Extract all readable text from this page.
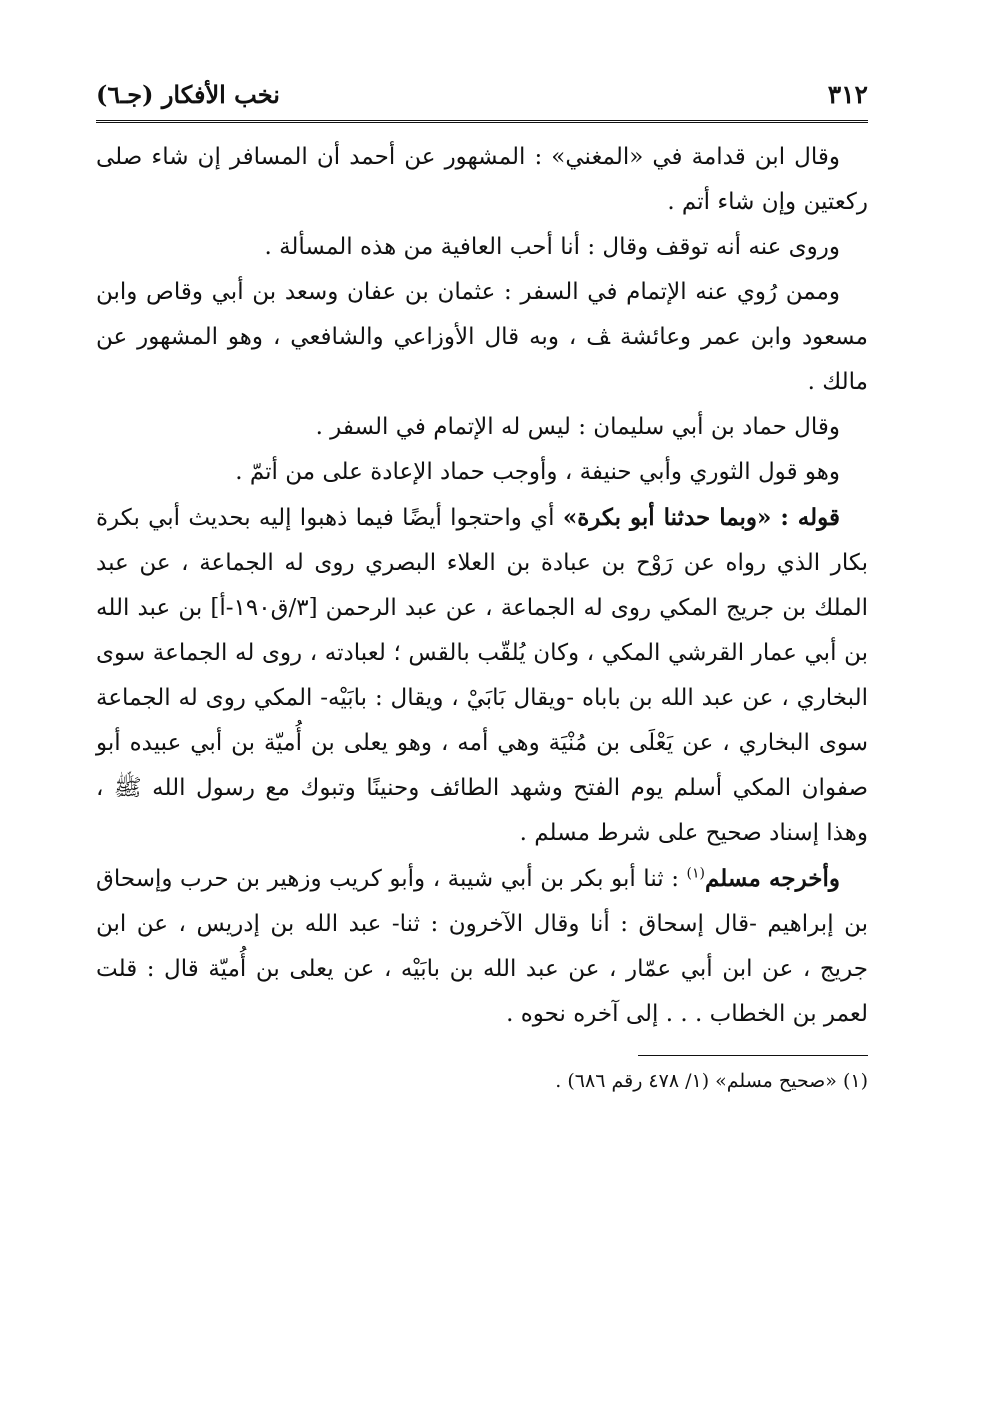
٣١٢
نخب الأفكار (جـ٦)

وقال ابن قدامة في «المغني» : المشهور عن أحمد أن المسافر إن شاء صلى ركعتين وإن شاء أتم .

وروى عنه أنه توقف وقال : أنا أحب العافية من هذه المسألة .

وممن رُوي عنه الإتمام في السفر : عثمان بن عفان وسعد بن أبي وقاص وابن مسعود وابن عمر وعائشة ﭫ ، وبه قال الأوزاعي والشافعي ، وهو المشهور عن مالك .

وقال حماد بن أبي سليمان : ليس له الإتمام في السفر .

وهو قول الثوري وأبي حنيفة ، وأوجب حماد الإعادة على من أتمّ .

قوله : «وبما حدثنا أبو بكرة» أي واحتجوا أيضًا فيما ذهبوا إليه بحديث أبي بكرة بكار الذي رواه عن رَوْح بن عبادة بن العلاء البصري روى له الجماعة ، عن عبد الملك بن جريج المكي روى له الجماعة ، عن عبد الرحمن [٣/ق١٩٠-أ] بن عبد الله بن أبي عمار القرشي المكي ، وكان يُلقّب بالقس ؛ لعبادته ، روى له الجماعة سوى البخاري ، عن عبد الله بن باباه -ويقال بَابَيْ ، ويقال : بابَيْه- المكي روى له الجماعة سوى البخاري ، عن يَعْلَى بن مُنْيَة وهي أمه ، وهو يعلى بن أُميّة بن أبي عبيده أبو صفوان المكي أسلم يوم الفتح وشهد الطائف وحنينًا وتبوك مع رسول الله ﷺ ، وهذا إسناد صحيح على شرط مسلم .

وأخرجه مسلم$^{(١)}$ : ثنا أبو بكر بن أبي شيبة ، وأبو كريب وزهير بن حرب وإسحاق بن إبراهيم -قال إسحاق : أنا وقال الآخرون : ثنا- عبد الله بن إدريس ، عن ابن جريج ، عن ابن أبي عمّار ، عن عبد الله بن بابَيْه ، عن يعلى بن أُميّة قال : قلت لعمر بن الخطاب . . . إلى آخره نحوه .

(١) «صحيح مسلم» (١/ ٤٧٨ رقم ٦٨٦) .
